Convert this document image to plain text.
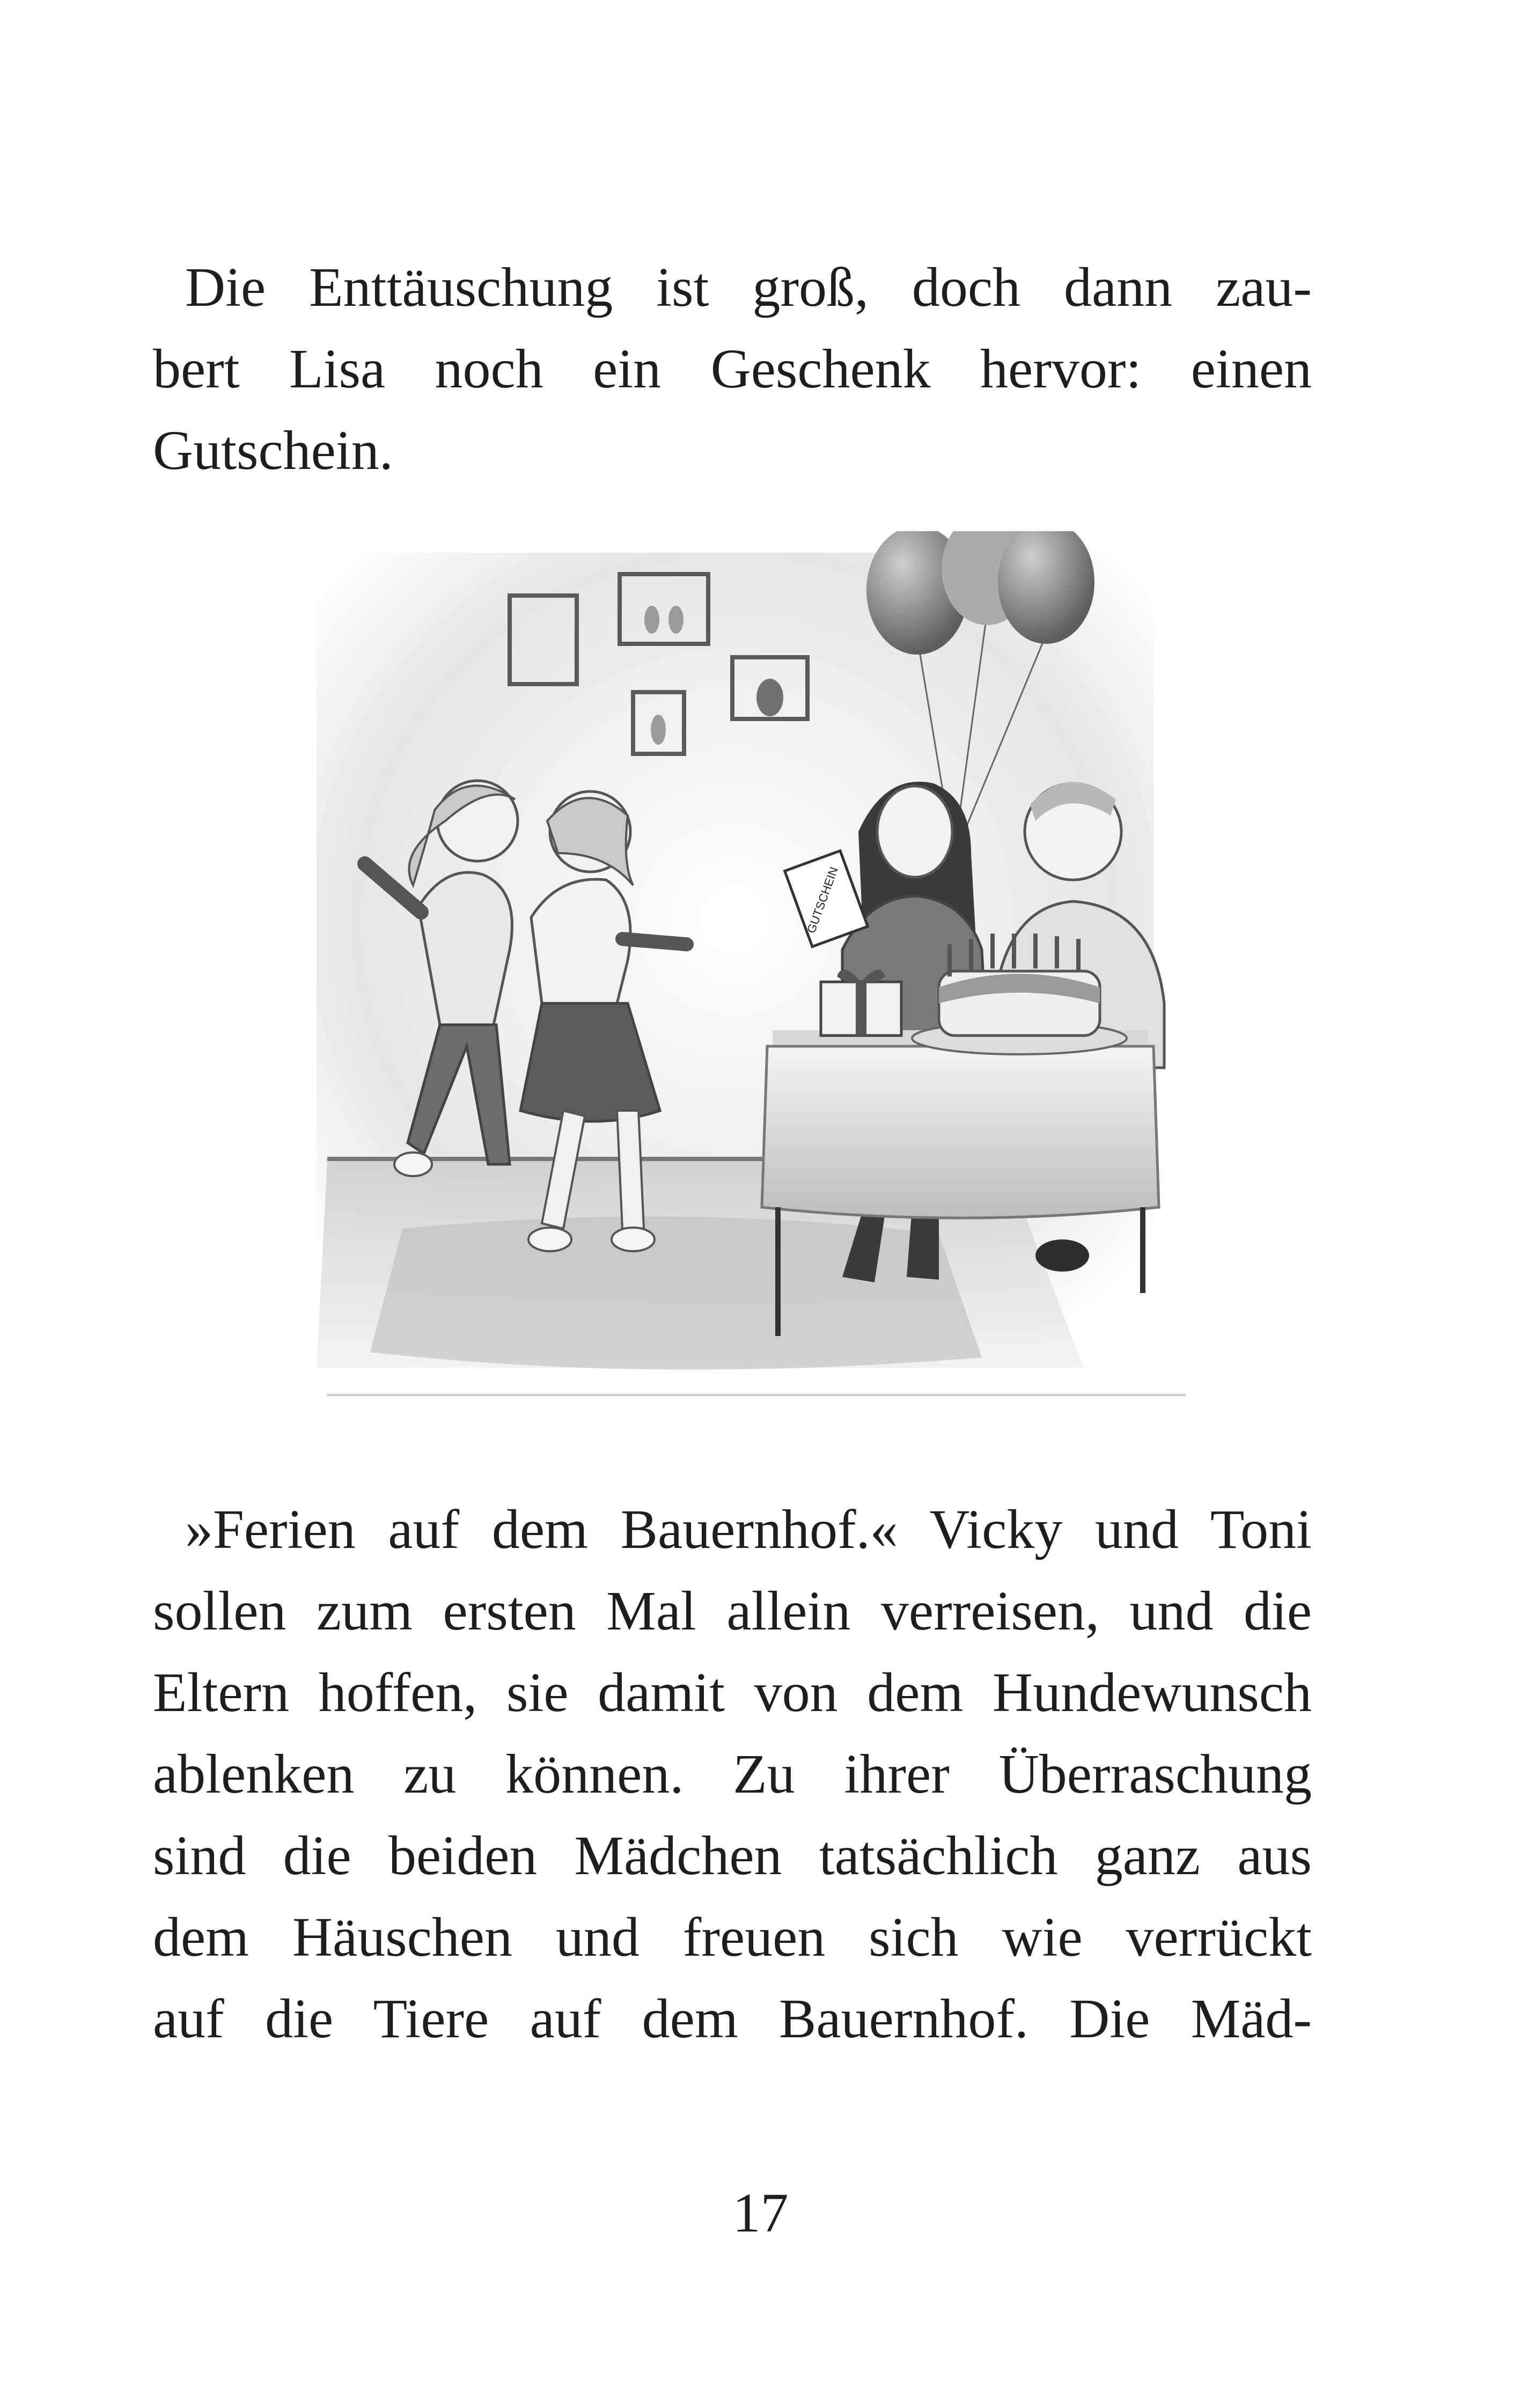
Die Enttäuschung ist groß, doch dann zau-
bert Lisa noch ein Geschenk hervor: einen
Gutschein.
GUTSCHEIN
»Ferien auf dem Bauernhof.« Vicky und Toni
sollen zum ersten Mal allein verreisen, und die
Eltern hoffen, sie damit von dem Hundewunsch
ablenken zu können. Zu ihrer Überraschung
sind die beiden Mädchen tatsächlich ganz aus
dem Häuschen und freuen sich wie verrückt
auf die Tiere auf dem Bauernhof. Die Mäd-
17
